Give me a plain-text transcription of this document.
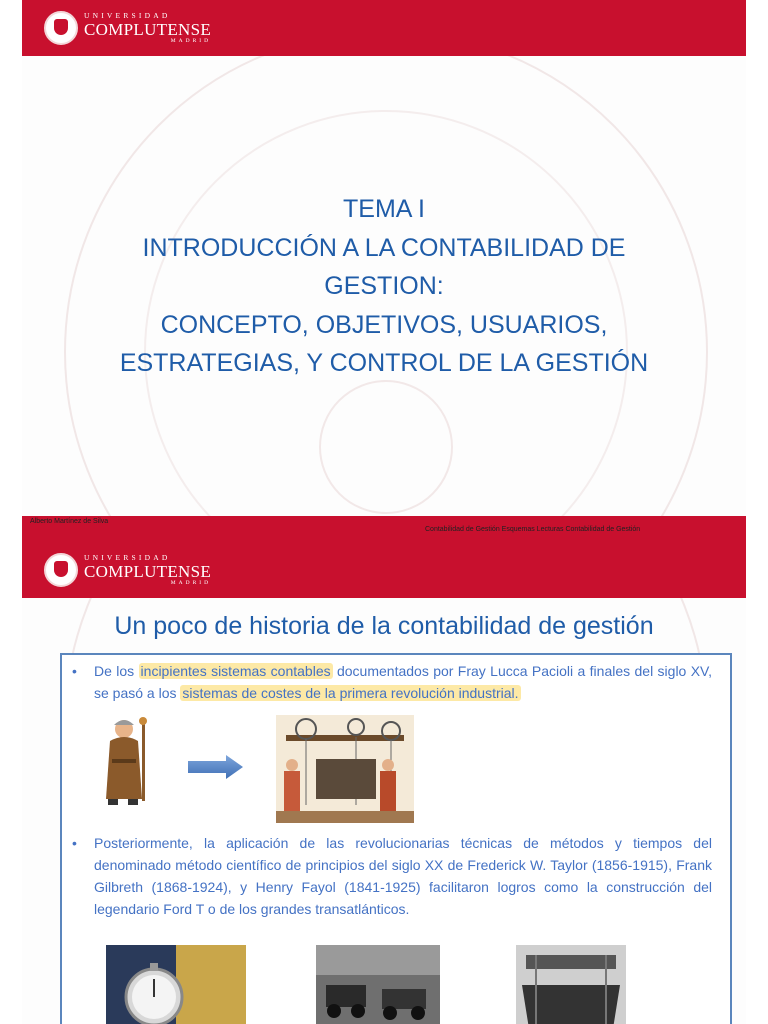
UNIVERSIDAD
COMPLUTENSE
MADRID
TEMA I
INTRODUCCIÓN A LA CONTABILIDAD DE
GESTION:
CONCEPTO, OBJETIVOS, USUARIOS,
ESTRATEGIAS, Y CONTROL DE LA GESTIÓN
Alberto Martínez de Silva
Contabilidad de Gestión Esquemas Lecturas Contabilidad de Gestión
UNIVERSIDAD
COMPLUTENSE
MADRID
Un poco de historia de la contabilidad de gestión
• De los incipientes sistemas contables documentados por Fray Lucca Pacioli a finales del siglo XV, se pasó a los sistemas de costes de la primera revolución industrial.
• Posteriormente, la aplicación de las revolucionarias técnicas de métodos y tiempos del denominado método científico de principios del siglo XX de Frederick W. Taylor (1856-1915), Frank Gilbreth (1868-1924), y Henry Fayol (1841-1925) facilitaron logros como la construcción del legendario Ford T o de los grandes transatlánticos.
